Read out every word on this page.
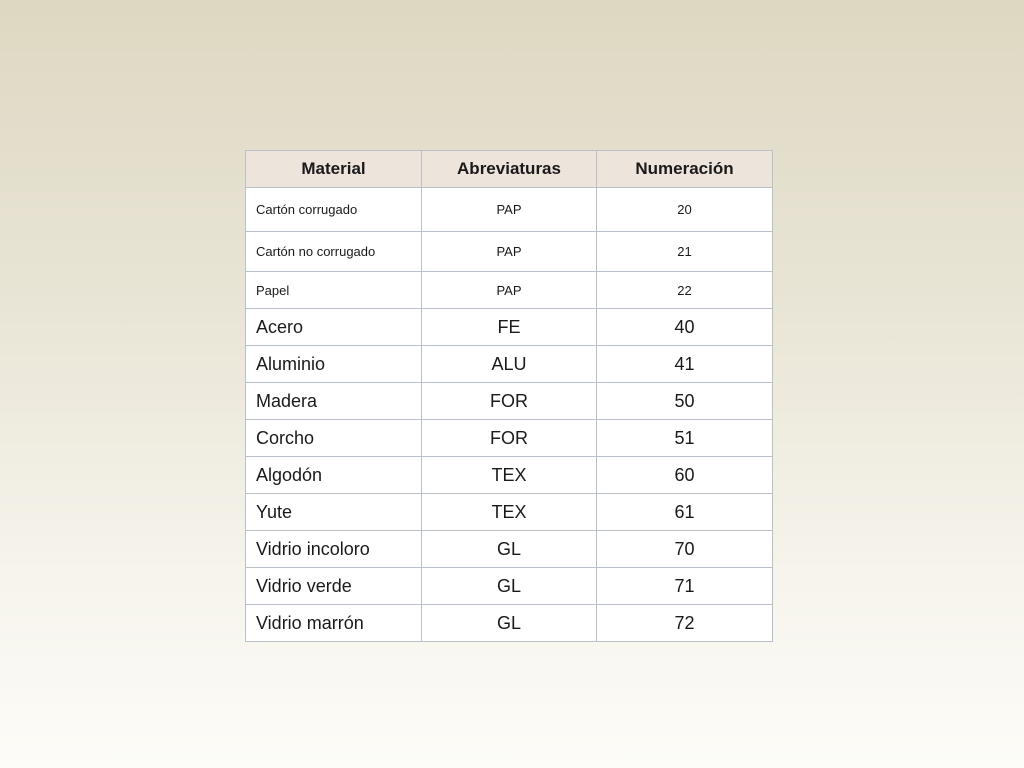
Material	Abreviaturas	Numeración
Cartón corrugado	PAP	20
Cartón no corrugado	PAP	21
Papel	PAP	22
Acero	FE	40
Aluminio	ALU	41
Madera	FOR	50
Corcho	FOR	51
Algodón	TEX	60
Yute	TEX	61
Vidrio incoloro	GL	70
Vidrio verde	GL	71
Vidrio marrón	GL	72
